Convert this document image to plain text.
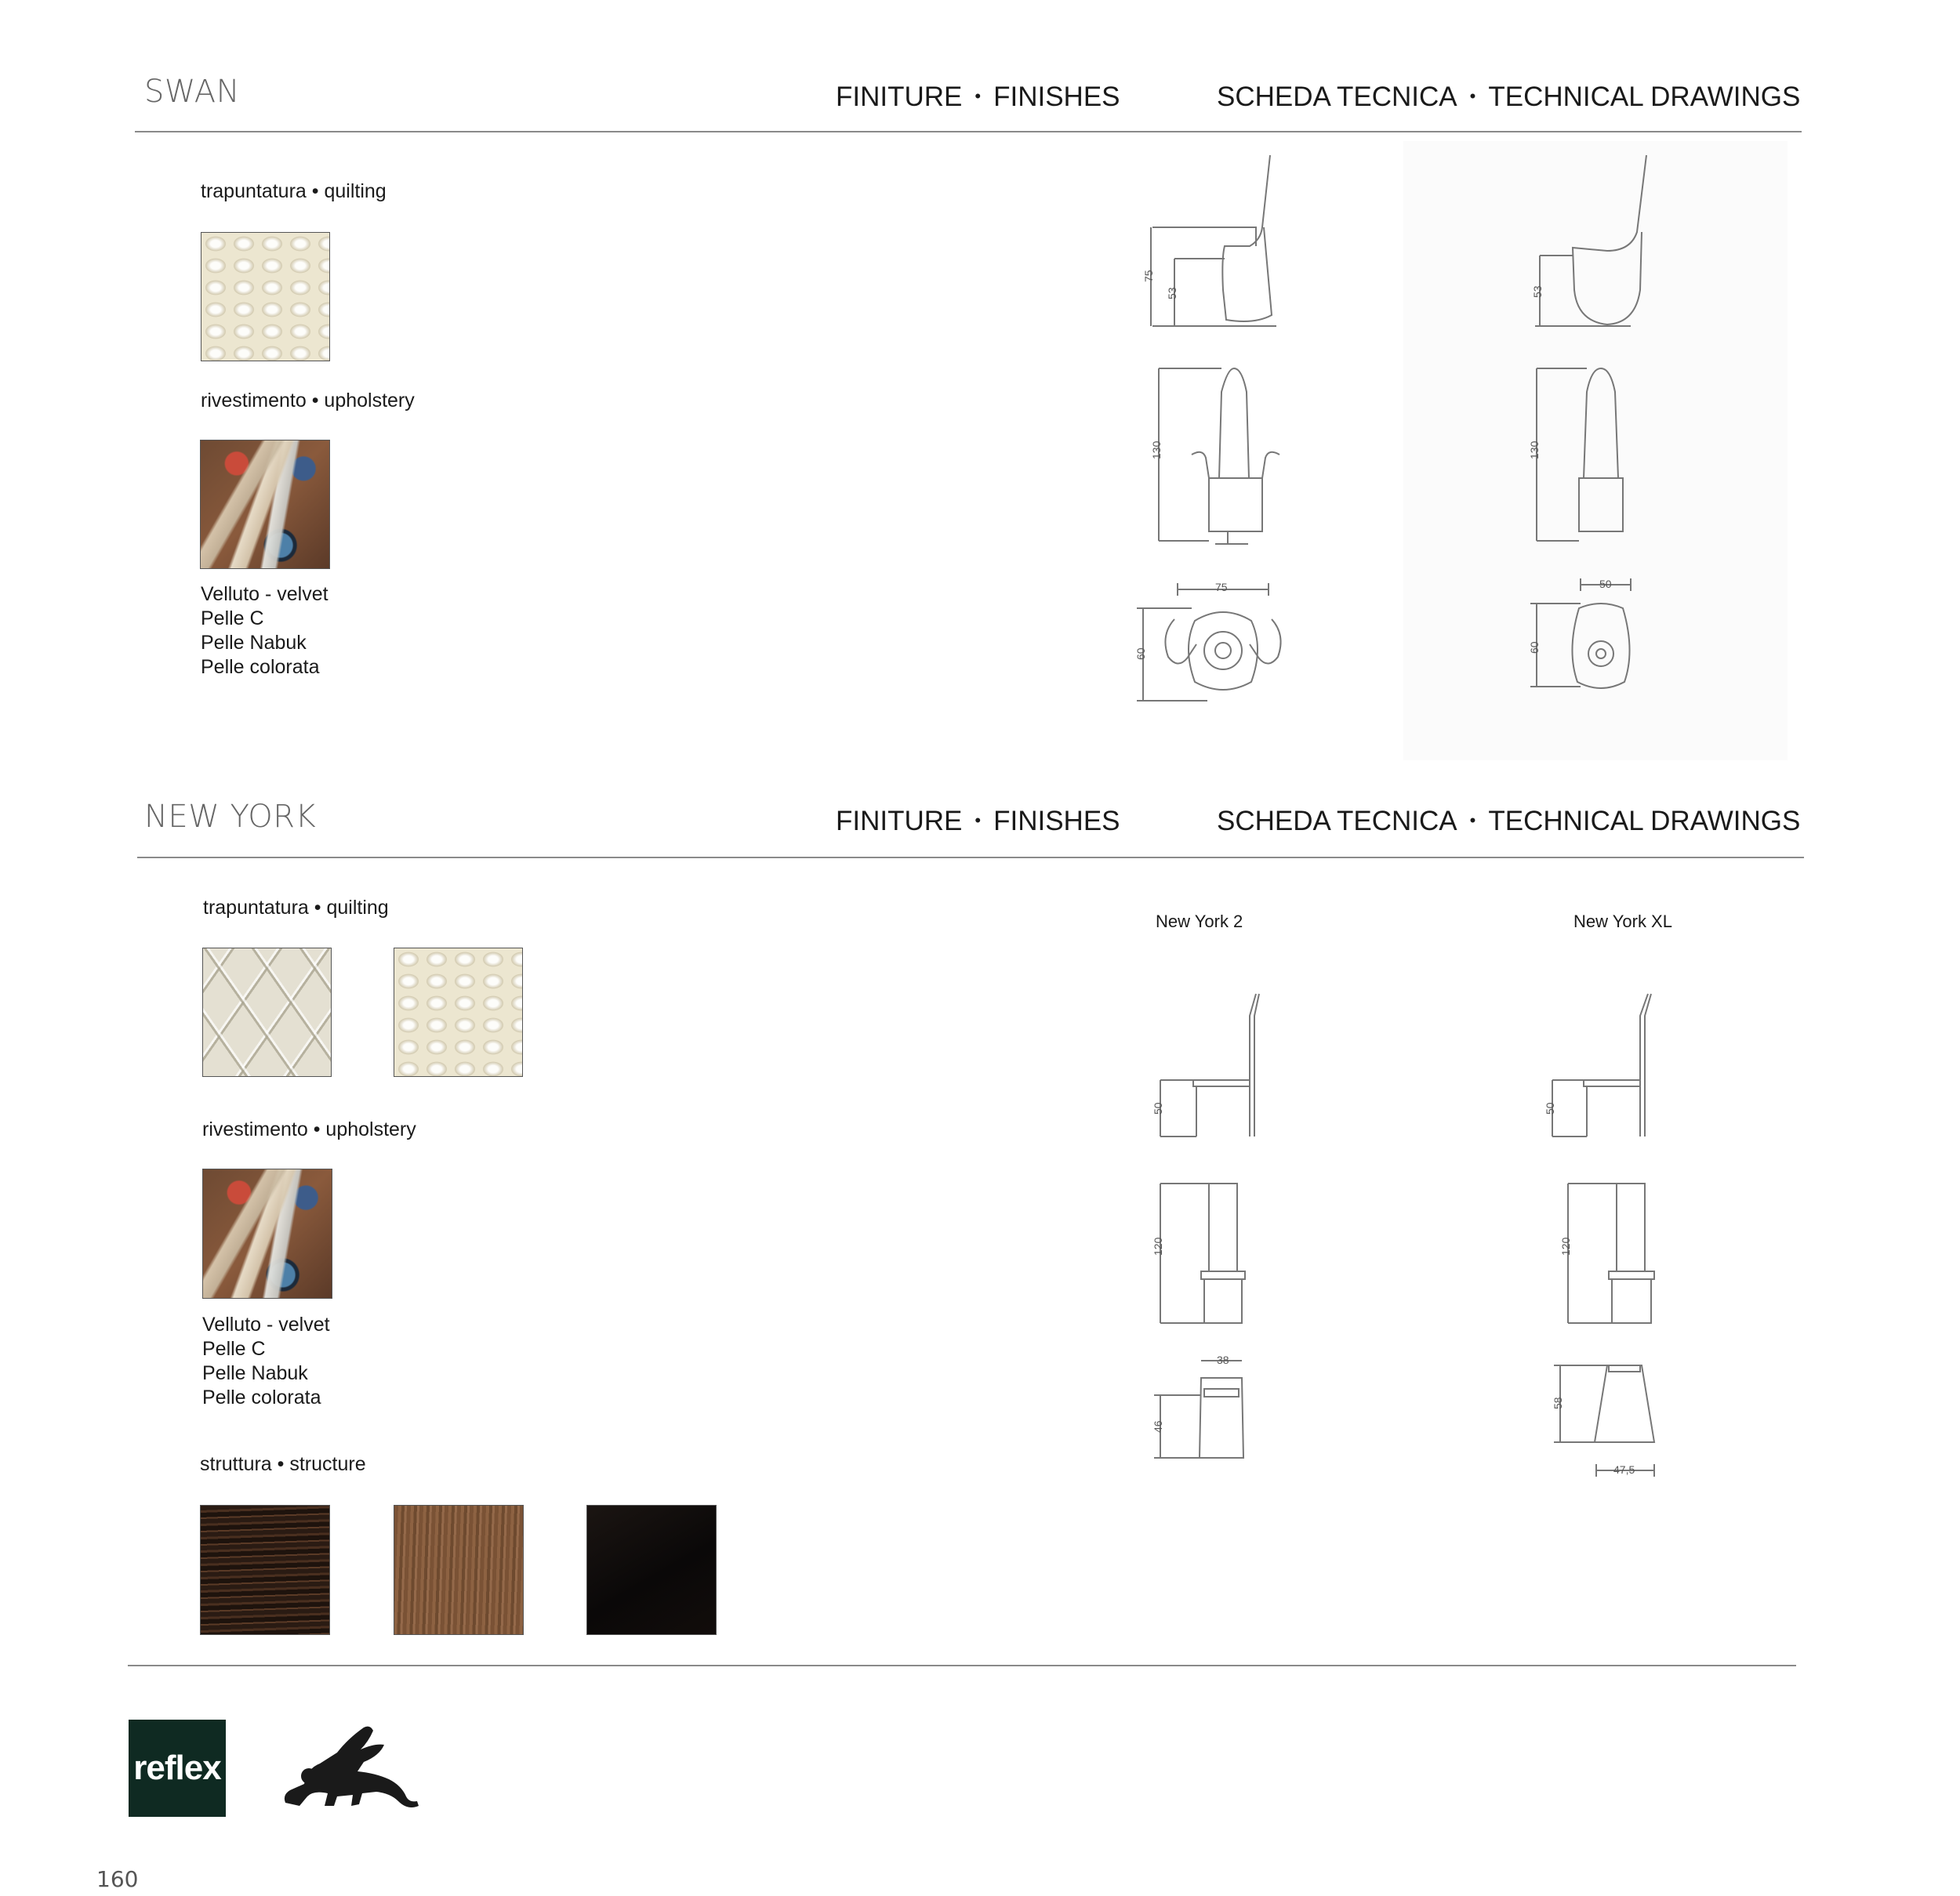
SWAN	FINITURE • FINISHES	SCHEDA TECNICA • TECHNICAL DRAWINGS
trapuntatura • quilting
rivestimento • upholstery
Velluto - velvet
Pelle C
Pelle Nabuk
Pelle colorata
75
53
130
75
60
53
130
50
60
NEW YORK	FINITURE • FINISHES	SCHEDA TECNICA • TECHNICAL DRAWINGS
trapuntatura • quilting
rivestimento • upholstery
Velluto - velvet
Pelle C
Pelle Nabuk
Pelle colorata
struttura • structure
New York 2	New York XL
50
120
38
46
50
120
58
47,5
reflex
160
